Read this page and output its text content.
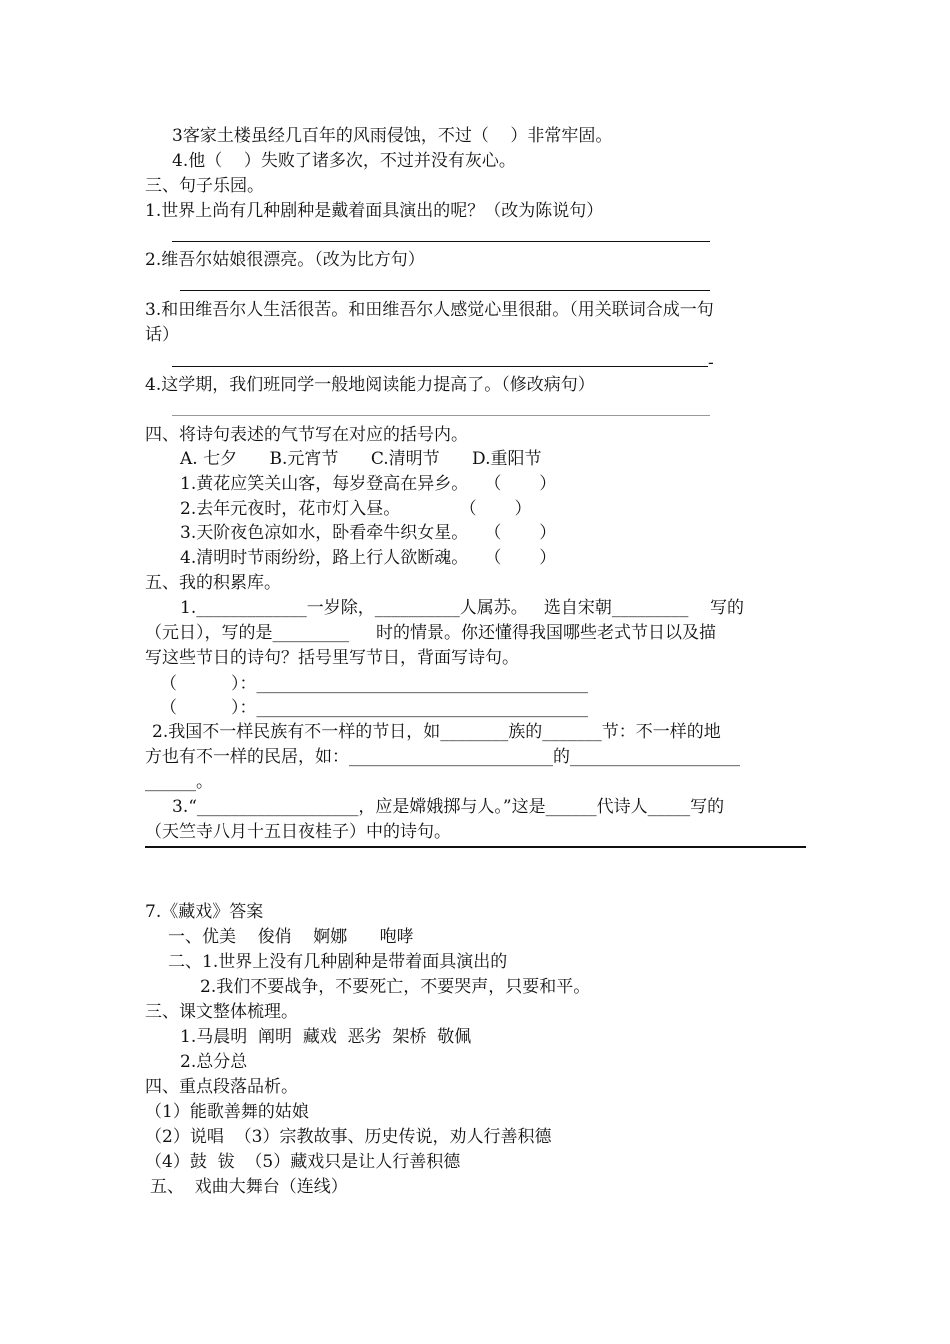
3客家土楼虽经几百年的风雨侵蚀，不过（    ）非常牢固。
4.他（    ）失败了诸多次，不过并没有灰心。
三、句子乐园。
1.世界上尚有几种剧种是戴着面具演出的呢？（改为陈说句）
2.维吾尔姑娘很漂亮。（改为比方句）
3.和田维吾尔人生活很苦。和田维吾尔人感觉心里很甜。（用关联词合成一句
话）
-
4.这学期，我们班同学一般地阅读能力提高了。（修改病句）
四、将诗句表述的气节写在对应的括号内。
A. 七夕      B.元宵节      C.清明节      D.重阳节
1.黄花应笑关山客，每岁登高在异乡。   （       ）
2.去年元夜时，花市灯入昼。           （       ）
3.天阶夜色凉如水，卧看牵牛织女星。   （       ）
4.清明时节雨纷纷，路上行人欲断魂。   （       ）
五、我的积累库。
1._____________一岁除，__________人属苏。   选自宋朝_________    写的
（元日），写的是_________     时的情景。你还懂得我国哪些老式节日以及描
写这些节日的诗句？括号里写节日，背面写诗句。
（          ）：_______________________________________
（          ）：_______________________________________
2.我国不一样民族有不一样的节日，如________族的_______节：不一样的地
方也有不一样的民居，如：________________________的____________________
______。
3.“___________________，应是嫦娥掷与人。”这是______代诗人_____写的
（天竺寺八月十五日夜桂子）中的诗句。
7.《藏戏》答案
一、优美    俊俏    婀娜      咆哮
二、1.世界上没有几种剧种是带着面具演出的
2.我们不要战争，不要死亡，不要哭声，只要和平。
三、课文整体梳理。
1.马晨明  阐明  藏戏  恶劣  架桥  敬佩
2.总分总
四、重点段落品析。
（1）能歌善舞的姑娘
（2）说唱  （3）宗教故事、历史传说，劝人行善积德
（4）鼓  钹  （5）藏戏只是让人行善积德
五、  戏曲大舞台（连线）
